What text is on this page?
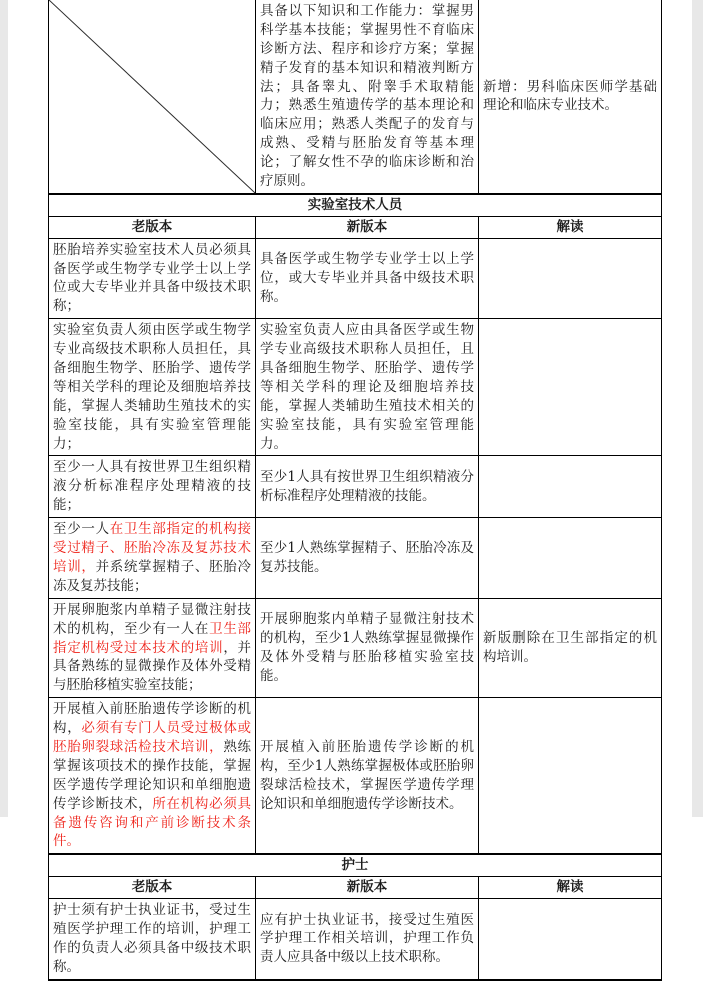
	具备以下知识和工作能力：掌握男科学基本技能；掌握男性不育临床诊断方法、程序和诊疗方案；掌握精子发育的基本知识和精液判断方法；具备睾丸、附睾手术取精能力；熟悉生殖遗传学的基本理论和临床应用；熟悉人类配子的发育与成熟、受精与胚胎发育等基本理论；了解女性不孕的临床诊断和治疗原则。	新增：男科临床医师学基础理论和临床专业技术。
实验室技术人员		
老版本	新版本	解读
胚胎培养实验室技术人员必须具备医学或生物学专业学士以上学位或大专毕业并具备中级技术职称；	具备医学或生物学专业学士以上学位，或大专毕业并具备中级技术职称。	
实验室负责人须由医学或生物学专业高级技术职称人员担任，具备细胞生物学、胚胎学、遗传学等相关学科的理论及细胞培养技能，掌握人类辅助生殖技术的实验室技能，具有实验室管理能力；	实验室负责人应由具备医学或生物学专业高级技术职称人员担任，且具备细胞生物学、胚胎学、遗传学等相关学科的理论及细胞培养技能，掌握人类辅助生殖技术相关的实验室技能，具有实验室管理能力。	
至少一人具有按世界卫生组织精液分析标准程序处理精液的技能；	至少1人具有按世界卫生组织精液分析标准程序处理精液的技能。	
至少一人在卫生部指定的机构接受过精子、胚胎冷冻及复苏技术培训，并系统掌握精子、胚胎冷冻及复苏技能；	至少1人熟练掌握精子、胚胎冷冻及复苏技能。	
开展卵胞浆内单精子显微注射技术的机构，至少有一人在卫生部指定机构受过本技术的培训，并具备熟练的显微操作及体外受精与胚胎移植实验室技能；	开展卵胞浆内单精子显微注射技术的机构，至少1人熟练掌握显微操作及体外受精与胚胎移植实验室技能。	新版删除在卫生部指定的机构培训。
开展植入前胚胎遗传学诊断的机构，必须有专门人员受过极体或胚胎卵裂球活检技术培训，熟练掌握该项技术的操作技能，掌握医学遗传学理论知识和单细胞遗传学诊断技术，所在机构必须具备遗传咨询和产前诊断技术条件。	开展植入前胚胎遗传学诊断的机构，至少1人熟练掌握极体或胚胎卵裂球活检技术，掌握医学遗传学理论知识和单细胞遗传学诊断技术。	
护士		
老版本	新版本	解读
护士须有护士执业证书，受过生殖医学护理工作的培训，护理工作的负责人必须具备中级技术职称。	应有护士执业证书，接受过生殖医学护理工作相关培训，护理工作负责人应具备中级以上技术职称。	
